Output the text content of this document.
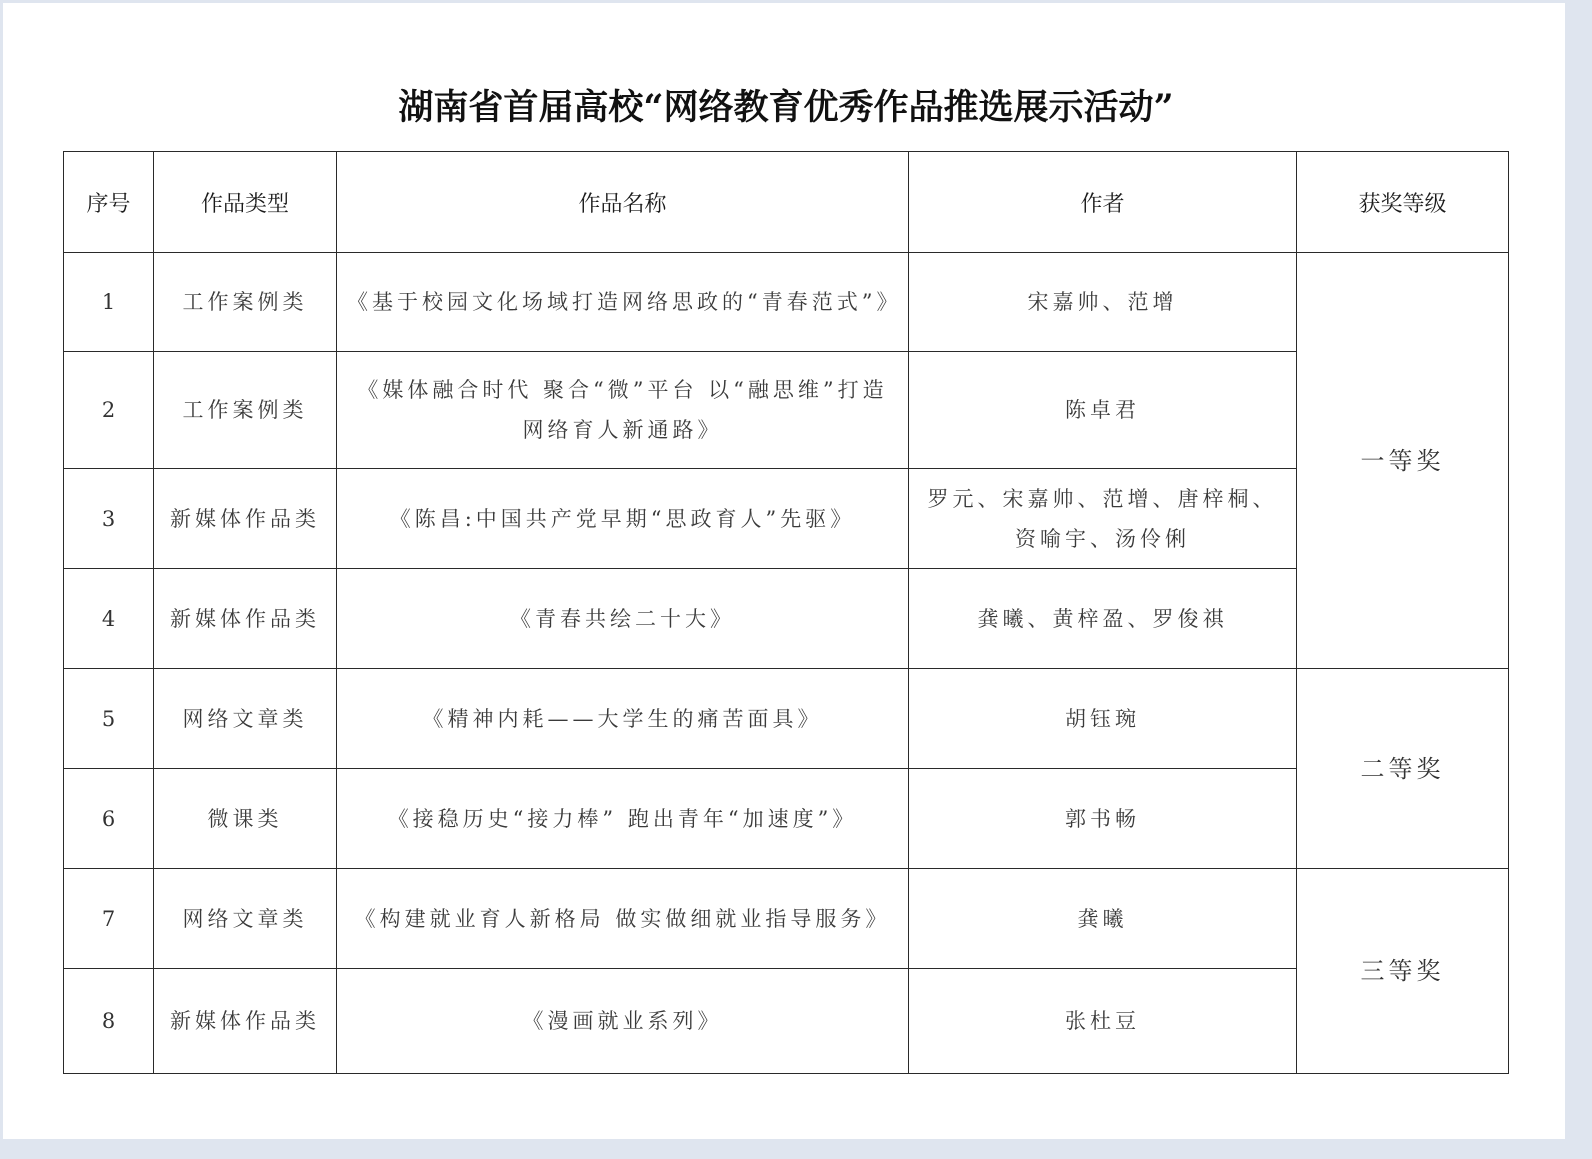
湖南省首届高校“网络教育优秀作品推选展示活动”
序号	作品类型	作品名称	作者	获奖等级
1	工作案例类	《基于校园文化场域打造网络思政的“青春范式”》	宋嘉帅、范增	一等奖
2	工作案例类	《媒体融合时代 聚合“微”平台 以“融思维”打造网络育人新通路》	陈卓君	
3	新媒体作品类	《陈昌:中国共产党早期“思政育人”先驱》	罗元、宋嘉帅、范增、唐梓桐、资喻宇、汤伶俐	
4	新媒体作品类	《青春共绘二十大》	龚曦、黄梓盈、罗俊祺	
5	网络文章类	《精神内耗——大学生的痛苦面具》	胡钰琬	二等奖
6	微课类	《接稳历史“接力棒” 跑出青年“加速度”》	郭书畅	
7	网络文章类	《构建就业育人新格局 做实做细就业指导服务》	龚曦	三等奖
8	新媒体作品类	《漫画就业系列》	张杜豆	
